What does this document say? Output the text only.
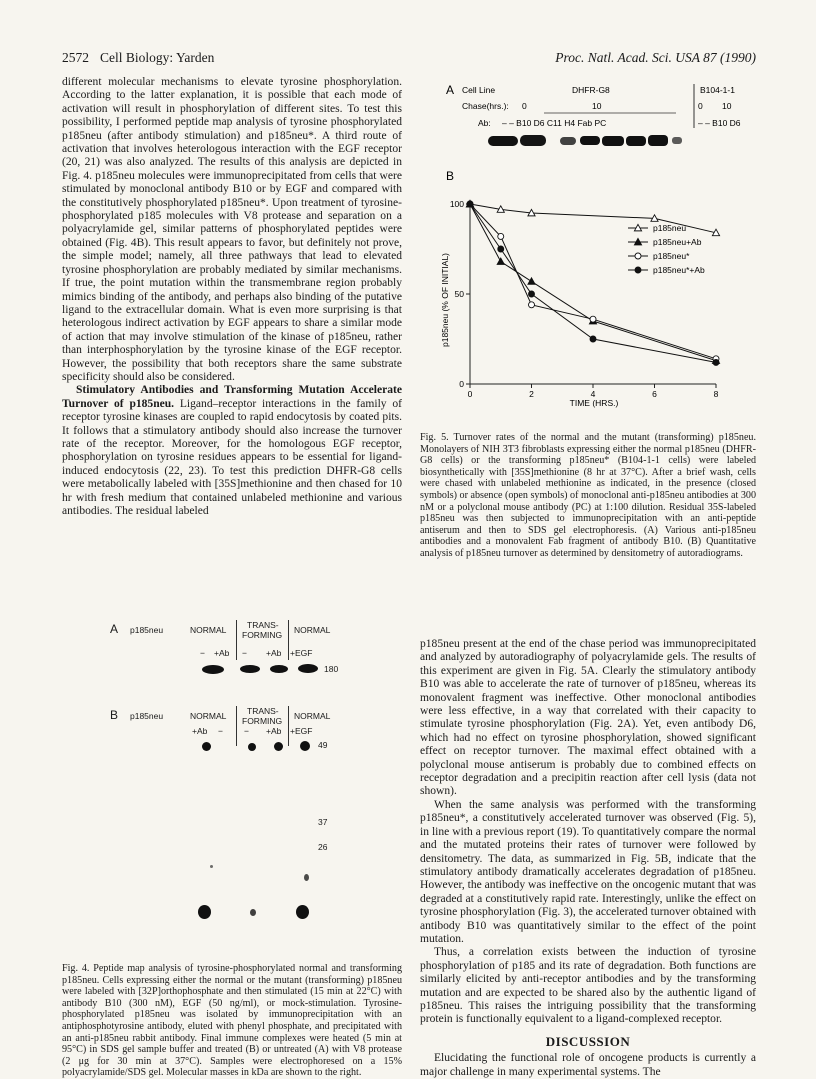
2572 Cell Biology: Yarden	Proc. Natl. Acad. Sci. USA 87 (1990)

different molecular mechanisms to elevate tyrosine phosphorylation. According to the latter explanation, it is possible that each mode of activation will result in phosphorylation of different sites. To test this possibility, I performed peptide map analysis of tyrosine phosphorylated p185neu (after antibody stimulation) and p185neu*. A third route of activation that involves heterologous interaction with the EGF receptor (20, 21) was also analyzed. The results of this analysis are depicted in Fig. 4. p185neu molecules were immunoprecipitated from cells that were stimulated by monoclonal antibody B10 or by EGF and compared with the constitutively phosphorylated p185neu*. Upon treatment of tyrosine-phosphorylated p185 molecules with V8 protease and separation on a polyacrylamide gel, similar patterns of phosphorylated peptides were obtained (Fig. 4B). This result appears to favor, but definitely not prove, the simple model; namely, all three pathways that lead to elevated tyrosine phosphorylation are probably mediated by similar mechanisms. If true, the point mutation within the transmembrane region probably mimics binding of the antibody, and perhaps also binding of the putative ligand to the extracellular domain. What is even more surprising is that heterologous indirect activation by EGF appears to share a similar mode of action that may involve stimulation of the kinase of p185neu, rather than interphosphorylation by the tyrosine kinase of the EGF receptor. However, the possibility that both receptors share the same substrate specificity should also be considered.

Stimulatory Antibodies and Transforming Mutation Accelerate Turnover of p185neu. Ligand–receptor interactions in the family of receptor tyrosine kinases are coupled to rapid endocytosis by coated pits. It follows that a stimulatory antibody should also increase the turnover rate of the receptor. Moreover, for the homologous EGF receptor, phosphorylation on tyrosine residues appears to be essential for ligand-induced endocytosis (22, 23). To test this prediction DHFR-G8 cells were metabolically labeled with [35S]methionine and then chased for 10 hr with fresh medium that contained unlabeled methionine and various antibodies. The residual labeled

A p185neu	NORMAL TRANS-
FORMING NORMAL
− +Ab − +Ab +EGF
180
B p185neu	NORMAL TRANS-
FORMING NORMAL
+Ab − − +Ab +EGF
49
37
26
Fig. 4. Peptide map analysis of tyrosine-phosphorylated normal and transforming p185neu. Cells expressing either the normal or the mutant (transforming) p185neu were labeled with [32P]orthophosphate and then stimulated (15 min at 22°C) with antibody B10 (300 nM), EGF (50 ng/ml), or mock-stimulation. Tyrosine-phosphorylated p185neu was isolated by immunoprecipitation with an antiphosphotyrosine antibody, eluted with phenyl phosphate, and precipitated with an anti-p185neu rabbit antibody. Final immune complexes were heated (5 min at 95°C) in SDS gel sample buffer and treated (B) or untreated (A) with V8 protease (2 μg for 30 min at 37°C). Samples were electrophoresed on a 15% polyacrylamide/SDS gel. Molecular masses in kDa are shown to the right.
A Cell Line	DHFR-G8	B104-1-1
Chase(hrs.): 0	10	0 10
Ab: – – B10 D6 C11 H4 Fab PC	– – B10 D6
B
p185neu (% OF INITIAL)
TIME (HRS.)
0
50
100
0	2	4	6	8
p185neu
p185neu+Ab
p185neu*
p185neu*+Ab
Fig. 5. Turnover rates of the normal and the mutant (transforming) p185neu. Monolayers of NIH 3T3 fibroblasts expressing either the normal p185neu (DHFR-G8 cells) or the transforming p185neu* (B104-1-1 cells) were labeled biosynthetically with [35S]methionine (8 hr at 37°C). After a brief wash, cells were chased with unlabeled methionine as indicated, in the presence (closed symbols) or absence (open symbols) of monoclonal anti-p185neu antibodies at 300 nM or a polyclonal mouse antibody (PC) at 1:100 dilution. Residual 35S-labeled p185neu was then subjected to immunoprecipitation with an anti-peptide antiserum and then to SDS gel electrophoresis. (A) Various anti-p185neu antibodies and a monovalent Fab fragment of antibody B10. (B) Quantitative analysis of p185neu turnover as determined by densitometry of autoradiograms.

p185neu present at the end of the chase period was immunoprecipitated and analyzed by autoradiography of polyacrylamide gels. The results of this experiment are given in Fig. 5A. Clearly the stimulatory antibody B10 was able to accelerate the rate of turnover of p185neu, whereas its monovalent fragment was ineffective. Other monoclonal antibodies were less effective, in a way that correlated with their capacity to stimulate tyrosine phosphorylation (Fig. 2A). Yet, even antibody D6, which had no effect on tyrosine phosphorylation, showed significant effect on receptor turnover. The maximal effect obtained with a polyclonal mouse antiserum is probably due to combined effects on receptor degradation and a precipitin reaction after cell lysis (data not shown).

When the same analysis was performed with the transforming p185neu*, a constitutively accelerated turnover was observed (Fig. 5), in line with a previous report (19). To quantitatively compare the normal and the mutated proteins their rates of turnover were followed by densitometry. The data, as summarized in Fig. 5B, indicate that the stimulatory antibody dramatically accelerates degradation of p185neu. However, the antibody was ineffective on the oncogenic mutant that was degraded at a constitutively rapid rate. Interestingly, unlike the effect on tyrosine phosphorylation (Fig. 3), the accelerated turnover obtained with antibody B10 was quantitatively similar to the effect of the point mutation.

Thus, a correlation exists between the induction of tyrosine phosphorylation of p185 and its rate of degradation. Both functions are similarly elicited by anti-receptor antibodies and by the transforming mutation and are expected to be shared also by the authentic ligand of p185neu. This raises the intriguing possibility that the transforming protein is functionally equivalent to a ligand-complexed receptor.

DISCUSSION

Elucidating the functional role of oncogene products is currently a major challenge in many experimental systems. The
